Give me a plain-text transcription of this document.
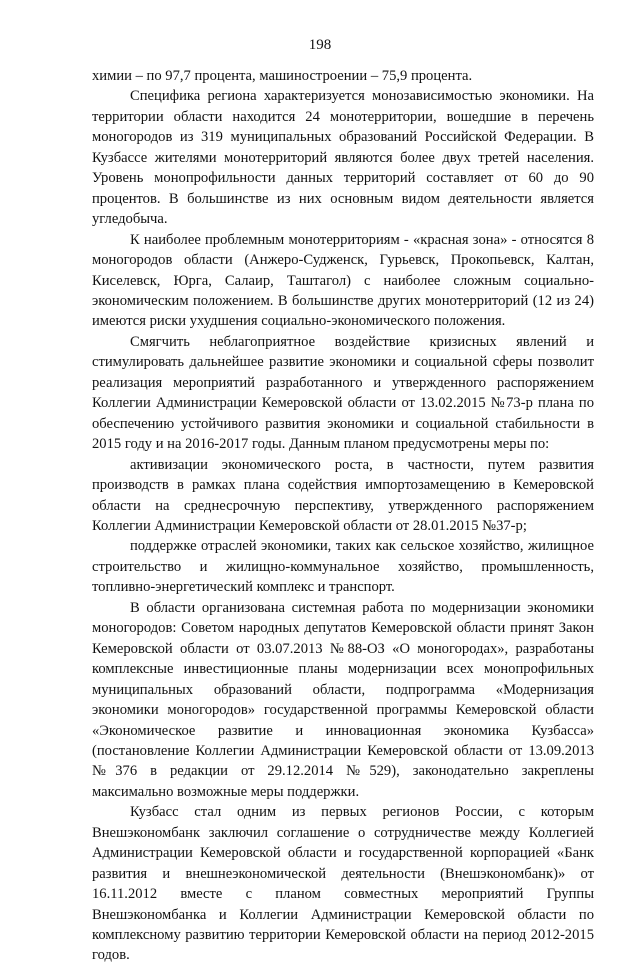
198

химии – по 97,7 процента, машиностроении – 75,9 процента.

Специфика региона характеризуется монозависимостью экономики. На территории области находится 24 монотерритории, вошедшие в перечень моногородов из 319 муниципальных образований Российской Федерации. В Кузбассе жителями монотерриторий являются более двух третей населения. Уровень монопрофильности данных территорий составляет от 60 до 90 процентов. В большинстве из них основным видом деятельности является угледобыча.

К наиболее проблемным монотерриториям - «красная зона» - относятся 8 моногородов области (Анжеро-Судженск, Гурьевск, Прокопьевск, Калтан, Киселевск, Юрга, Салаир, Таштагол) с наиболее сложным социально-экономическим положением. В большинстве других монотерриторий (12 из 24) имеются риски ухудшения социально-экономического положения.

Смягчить неблагоприятное воздействие кризисных явлений и стимулировать дальнейшее развитие экономики и социальной сферы позволит реализация мероприятий разработанного и утвержденного распоряжением Коллегии Администрации Кемеровской области от 13.02.2015 №73-р плана по обеспечению устойчивого развития экономики и социальной стабильности в 2015 году и на 2016-2017 годы. Данным планом предусмотрены меры по:

активизации экономического роста, в частности, путем развития производств в рамках плана содействия импортозамещению в Кемеровской области на среднесрочную перспективу, утвержденного распоряжением Коллегии Администрации Кемеровской области от 28.01.2015 №37-р;

поддержке отраслей экономики, таких как сельское хозяйство, жилищное строительство и жилищно-коммунальное хозяйство, промышленность, топливно-энергетический комплекс и транспорт.

В области организована системная работа по модернизации экономики моногородов: Советом народных депутатов Кемеровской области принят Закон Кемеровской области от 03.07.2013 №88-ОЗ «О моногородах», разработаны комплексные инвестиционные планы модернизации всех монопрофильных муниципальных образований области, подпрограмма «Модернизация экономики моногородов» государственной программы Кемеровской области «Экономическое развитие и инновационная экономика Кузбасса» (постановление Коллегии Администрации Кемеровской области от 13.09.2013 №376 в редакции от 29.12.2014 №529), законодательно закреплены максимально возможные меры поддержки.

Кузбасс стал одним из первых регионов России, с которым Внешэкономбанк заключил соглашение о сотрудничестве между Коллегией Администрации Кемеровской области и государственной корпорацией «Банк развития и внешнеэкономической деятельности (Внешэкономбанк)» от 16.11.2012 вместе с планом совместных мероприятий Группы Внешэкономбанка и Коллегии Администрации Кемеровской области по комплексному развитию территории Кемеровской области на период 2012-2015 годов.
